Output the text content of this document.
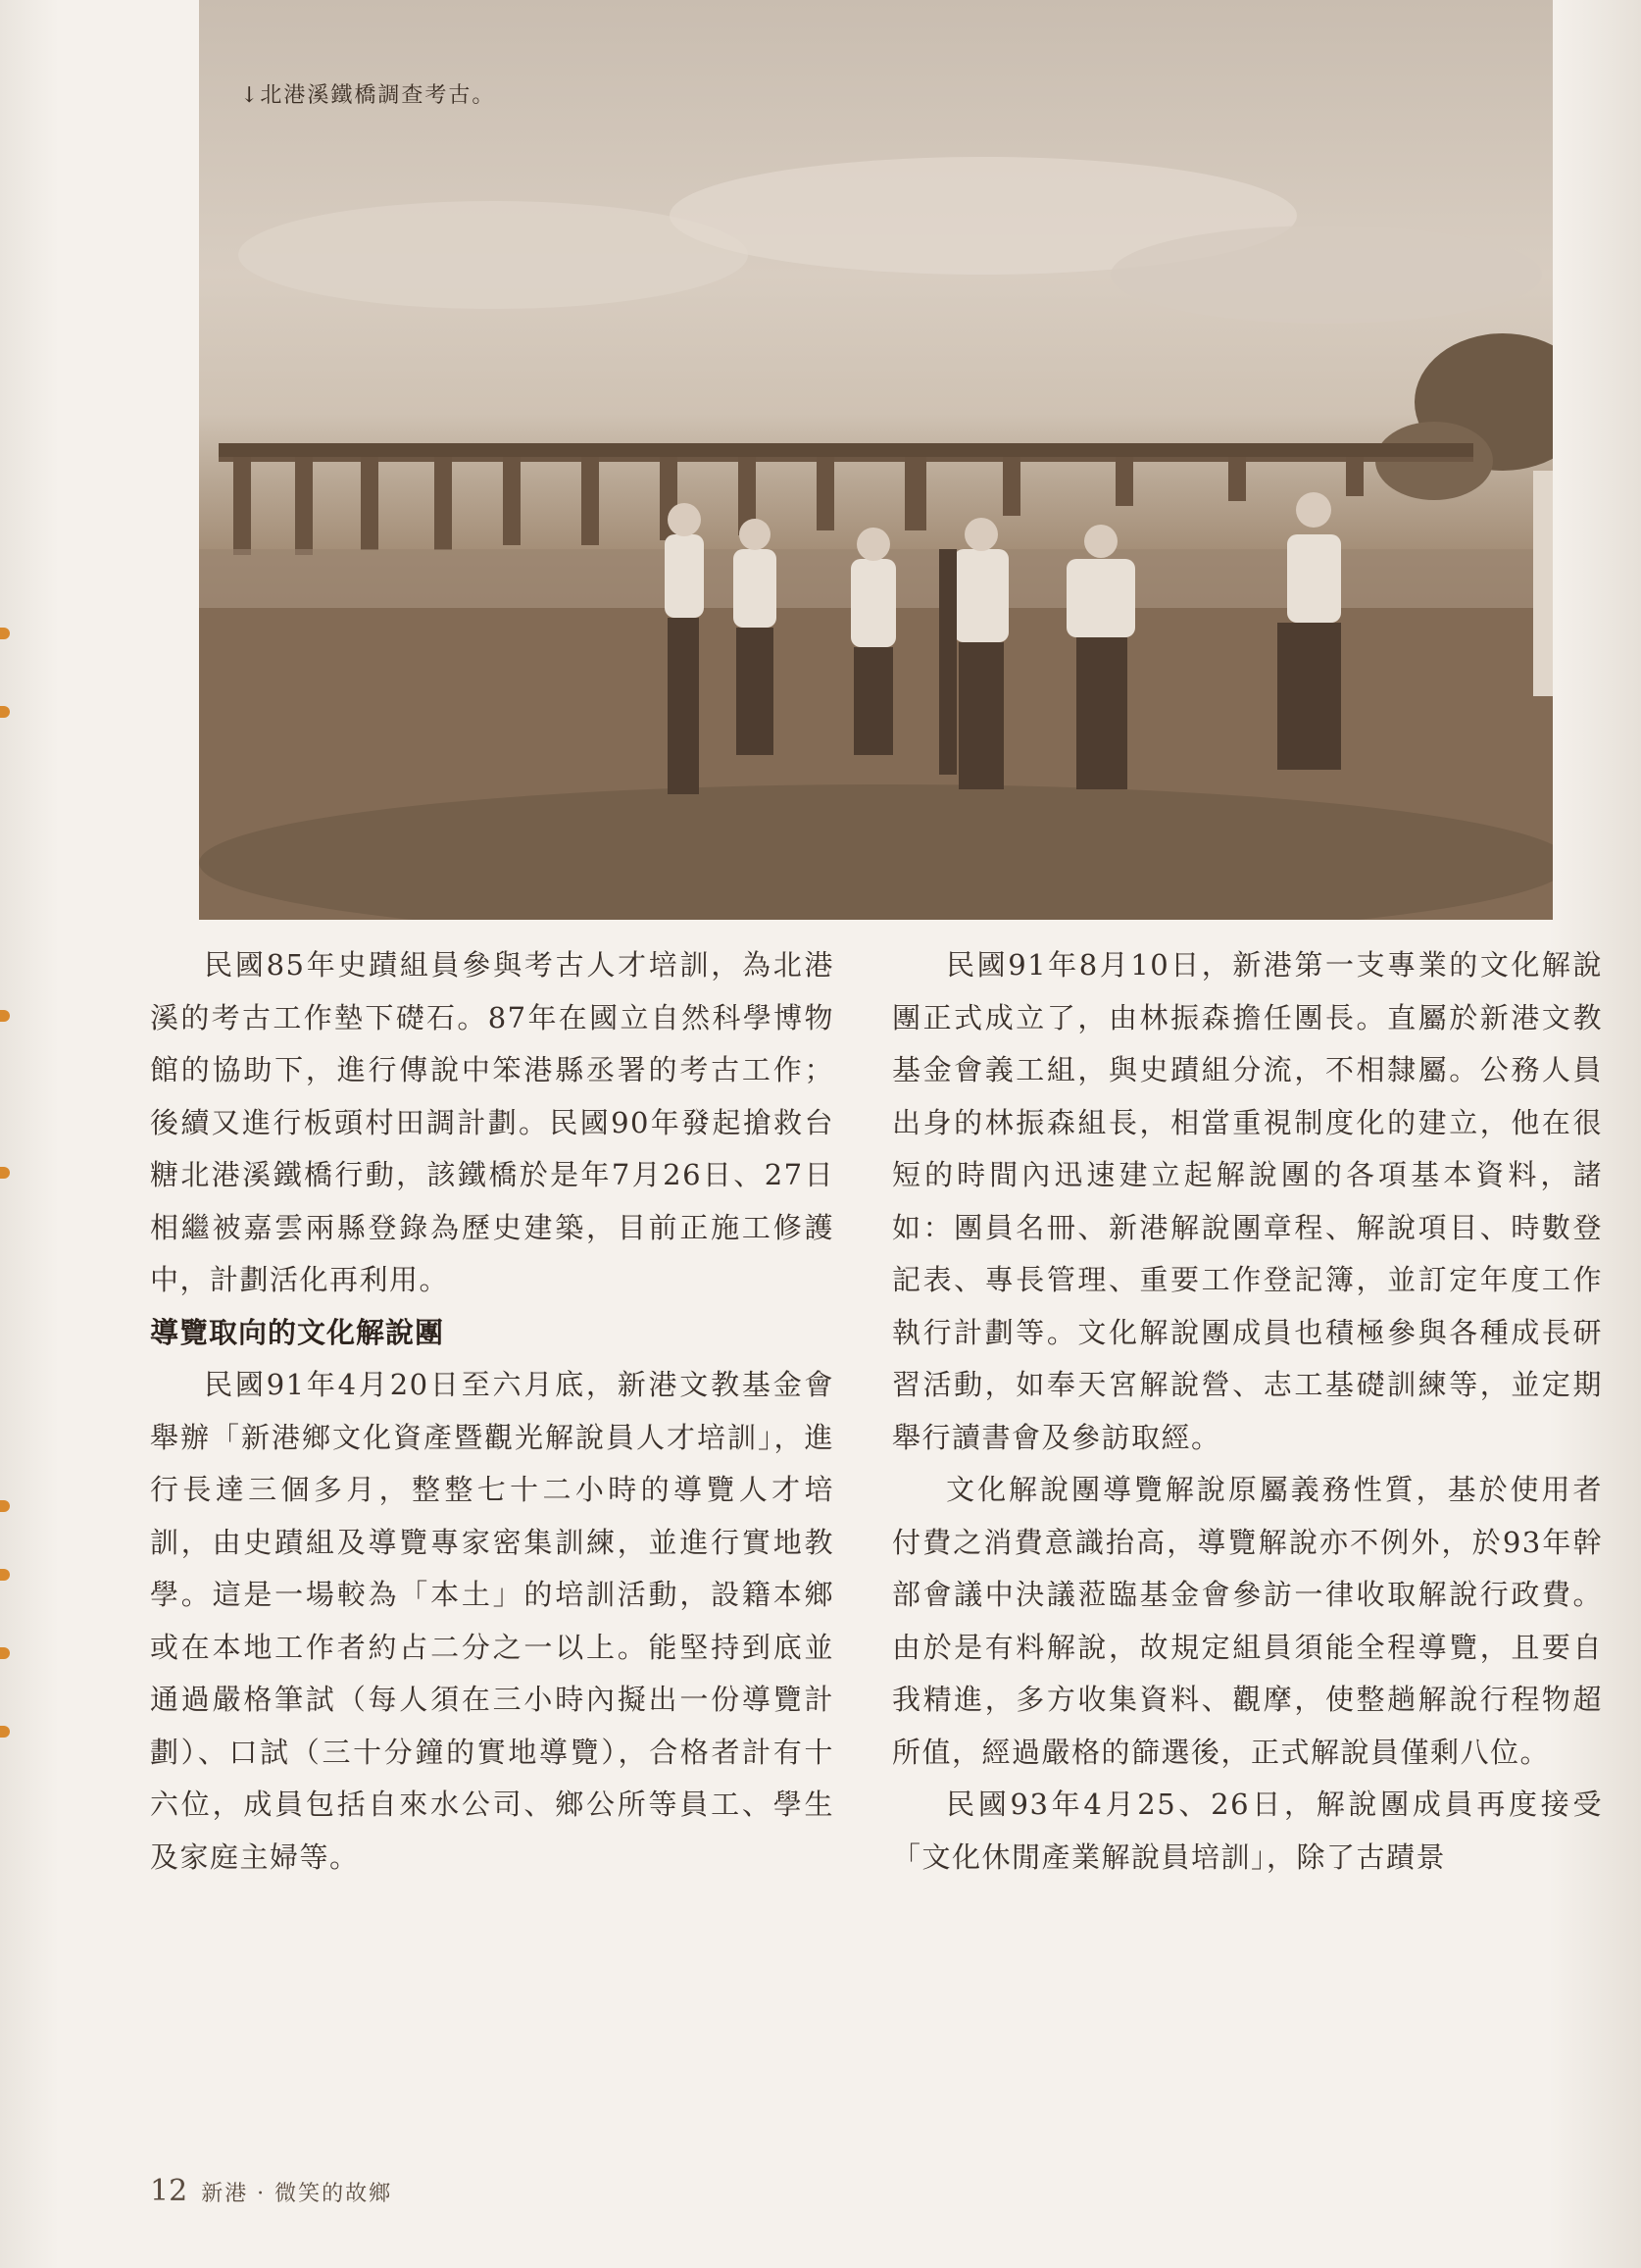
↓北港溪鐵橋調查考古。

民國85年史蹟組員參與考古人才培訓，為北港溪的考古工作墊下礎石。87年在國立自然科學博物館的協助下，進行傳說中笨港縣丞署的考古工作；後續又進行板頭村田調計劃。民國90年發起搶救台糖北港溪鐵橋行動，該鐵橋於是年7月26日、27日相繼被嘉雲兩縣登錄為歷史建築，目前正施工修護中，計劃活化再利用。

導覽取向的文化解說團

民國91年4月20日至六月底，新港文教基金會舉辦「新港鄉文化資產暨觀光解說員人才培訓」，進行長達三個多月，整整七十二小時的導覽人才培訓，由史蹟組及導覽專家密集訓練，並進行實地教學。這是一場較為「本土」的培訓活動，設籍本鄉或在本地工作者約占二分之一以上。能堅持到底並通過嚴格筆試（每人須在三小時內擬出一份導覽計劃）、口試（三十分鐘的實地導覽），合格者計有十六位，成員包括自來水公司、鄉公所等員工、學生及家庭主婦等。

民國91年8月10日，新港第一支專業的文化解說團正式成立了，由林振森擔任團長。直屬於新港文教基金會義工組，與史蹟組分流，不相隸屬。公務人員出身的林振森組長，相當重視制度化的建立，他在很短的時間內迅速建立起解說團的各項基本資料，諸如：團員名冊、新港解說團章程、解說項目、時數登記表、專長管理、重要工作登記簿，並訂定年度工作執行計劃等。文化解說團成員也積極參與各種成長研習活動，如奉天宮解說營、志工基礎訓練等，並定期舉行讀書會及參訪取經。

文化解說團導覽解說原屬義務性質，基於使用者付費之消費意識抬高，導覽解說亦不例外，於93年幹部會議中決議蒞臨基金會參訪一律收取解說行政費。由於是有料解說，故規定組員須能全程導覽，且要自我精進，多方收集資料、觀摩，使整趟解說行程物超所值，經過嚴格的篩選後，正式解說員僅剩八位。

民國93年4月25、26日，解說團成員再度接受「文化休閒產業解說員培訓」，除了古蹟景

12 新港 · 微笑的故鄉
